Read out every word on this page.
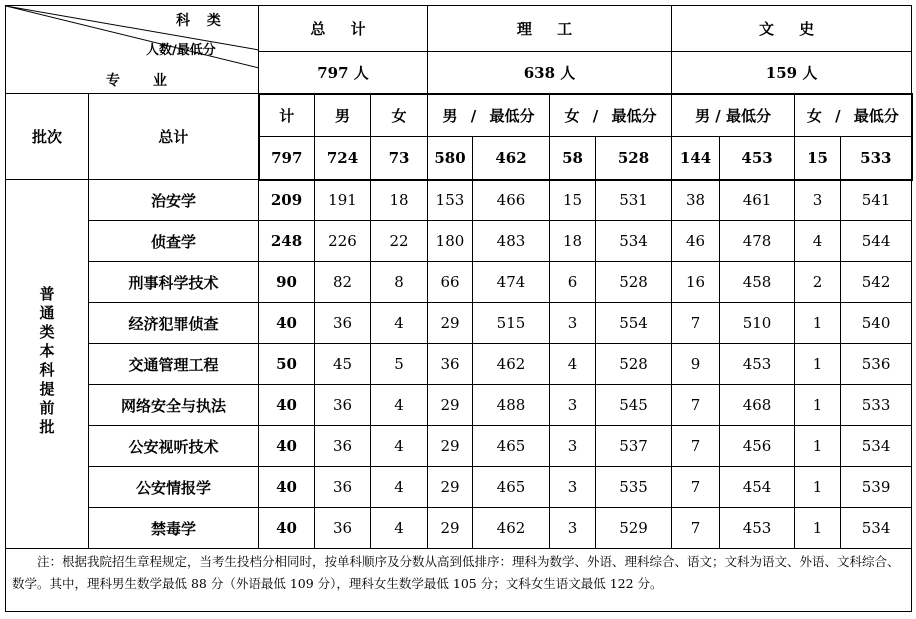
科 类
人数/最低分
专 业		总 计			理 工				文 史			
		797 人			638 人				159 人			
批次	总计	计	男	女	男 / 最低分		女 / 最低分		男 / 最低分		女 / 最低分	
		797	724	73	580	462	58	528	144	453	15	533
普通类本科提前批	治安学	209	191	18	153	466	15	531	38	461	3	541
	侦查学	248	226	22	180	483	18	534	46	478	4	544
	刑事科学技术	90	82	8	66	474	6	528	16	458	2	542
	经济犯罪侦查	40	36	4	29	515	3	554	7	510	1	540
	交通管理工程	50	45	5	36	462	4	528	9	453	1	536
	网络安全与执法	40	36	4	29	488	3	545	7	468	1	533
	公安视听技术	40	36	4	29	465	3	537	7	456	1	534
	公安情报学	40	36	4	29	465	3	535	7	454	1	539
	禁毒学	40	36	4	29	462	3	529	7	453	1	534
注：根据我院招生章程规定，当考生投档分相同时，按单科顺序及分数从高到低排序：理科为数学、外语、理科综合、语文；文科为语文、外语、文科综合、数学。其中，理科男生数学最低 88 分（外语最低 109 分），理科女生数学最低 105 分；文科女生语文最低 122 分。												
